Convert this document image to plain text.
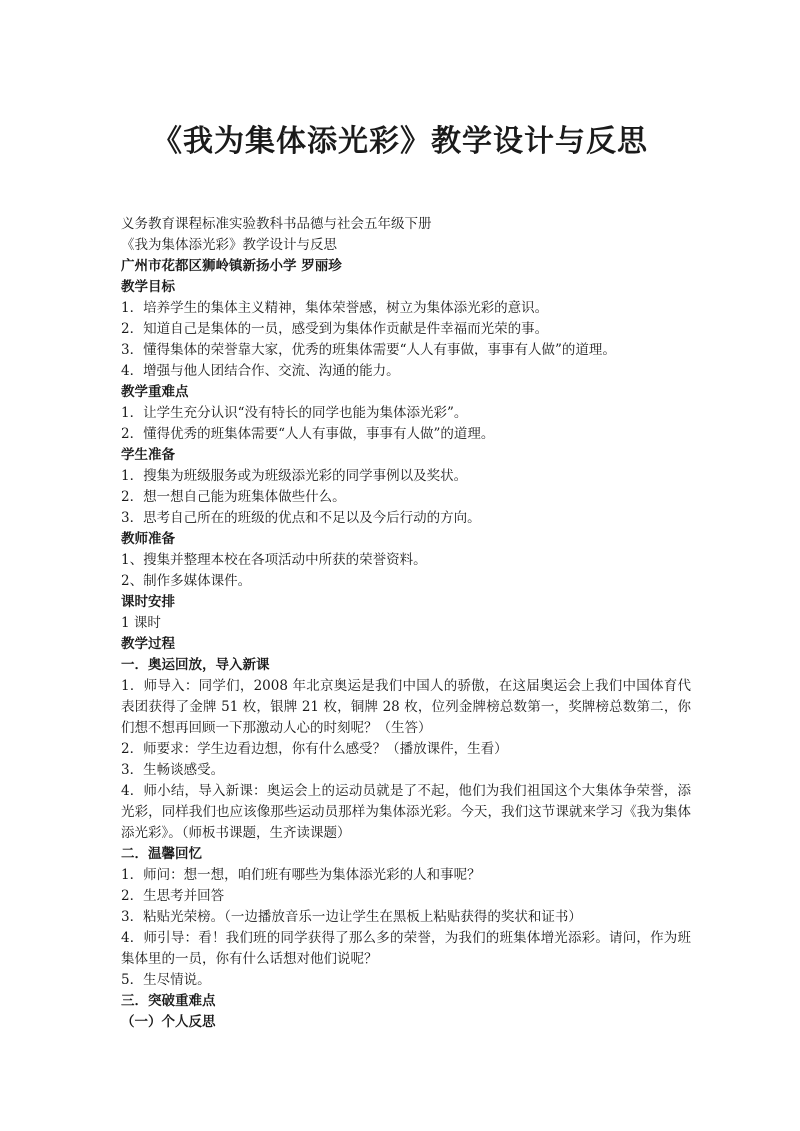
《我为集体添光彩》教学设计与反思

义务教育课程标准实验教科书品德与社会五年级下册

《我为集体添光彩》教学设计与反思

广州市花都区狮岭镇新扬小学 罗丽珍

教学目标

1．培养学生的集体主义精神，集体荣誉感，树立为集体添光彩的意识。

2．知道自己是集体的一员，感受到为集体作贡献是件幸福而光荣的事。

3．懂得集体的荣誉靠大家，优秀的班集体需要“人人有事做，事事有人做”的道理。

4．增强与他人团结合作、交流、沟通的能力。

教学重难点

1．让学生充分认识“没有特长的同学也能为集体添光彩”。

2．懂得优秀的班集体需要“人人有事做，事事有人做”的道理。

学生准备

1．搜集为班级服务或为班级添光彩的同学事例以及奖状。

2．想一想自己能为班集体做些什么。

3．思考自己所在的班级的优点和不足以及今后行动的方向。

教师准备

1、搜集并整理本校在各项活动中所获的荣誉资料。

2、制作多媒体课件。

课时安排

1 课时

教学过程

一．奥运回放，导入新课

1．师导入：同学们，2008 年北京奥运是我们中国人的骄傲，在这届奥运会上我们中国体育代表团获得了金牌 51 枚，银牌 21 枚，铜牌 28 枚，位列金牌榜总数第一，奖牌榜总数第二，你们想不想再回顾一下那激动人心的时刻呢？（生答）

2．师要求：学生边看边想，你有什么感受？（播放课件，生看）

3．生畅谈感受。

4．师小结，导入新课：奥运会上的运动员就是了不起，他们为我们祖国这个大集体争荣誉，添光彩，同样我们也应该像那些运动员那样为集体添光彩。今天，我们这节课就来学习《我为集体添光彩》。（师板书课题，生齐读课题）

二．温馨回忆

1．师问：想一想，咱们班有哪些为集体添光彩的人和事呢？

2．生思考并回答

3．粘贴光荣榜。（一边播放音乐一边让学生在黑板上粘贴获得的奖状和证书）

4．师引导：看！我们班的同学获得了那么多的荣誉，为我们的班集体增光添彩。请问，作为班集体里的一员，你有什么话想对他们说呢？

5．生尽情说。

三．突破重难点

（一）个人反思
